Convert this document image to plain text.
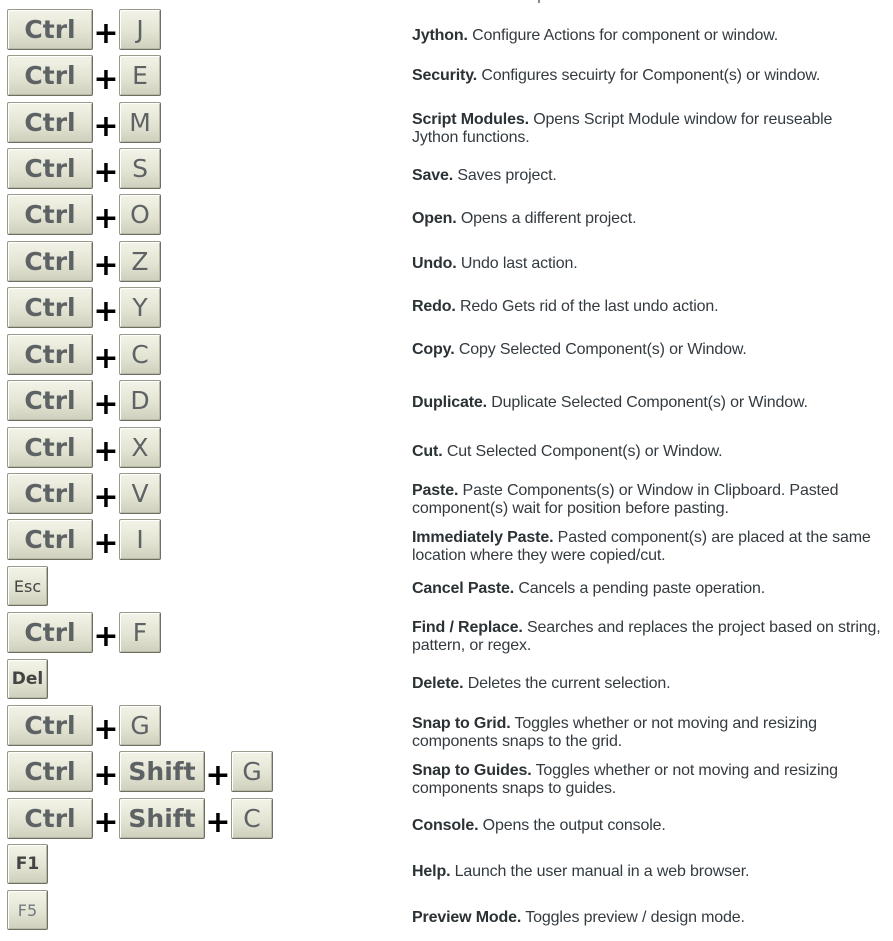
Ctrl + J	Jython. Configure Actions for component or window.
Ctrl + E	Security. Configures secuirty for Component(s) or window.
Ctrl + M	Script Modules. Opens Script Module window for reuseable Jython functions.
Ctrl + S	Save. Saves project.
Ctrl + O	Open. Opens a different project.
Ctrl + Z	Undo. Undo last action.
Ctrl + Y	Redo. Redo Gets rid of the last undo action.
Ctrl + C	Copy. Copy Selected Component(s) or Window.
Ctrl + D	Duplicate. Duplicate Selected Component(s) or Window.
Ctrl + X	Cut. Cut Selected Component(s) or Window.
Ctrl + V	Paste. Paste Components(s) or Window in Clipboard. Pasted component(s) wait for position before pasting.
Ctrl + I	Immediately Paste. Pasted component(s) are placed at the same location where they were copied/cut.
Esc	Cancel Paste. Cancels a pending paste operation.
Ctrl + F	Find / Replace. Searches and replaces the project based on string, pattern, or regex.
Del	Delete. Deletes the current selection.
Ctrl + G	Snap to Grid. Toggles whether or not moving and resizing components snaps to the grid.
Ctrl + Shift + G	Snap to Guides. Toggles whether or not moving and resizing components snaps to guides.
Ctrl + Shift + C	Console. Opens the output console.
F1	Help. Launch the user manual in a web browser.
F5	Preview Mode. Toggles preview / design mode.
